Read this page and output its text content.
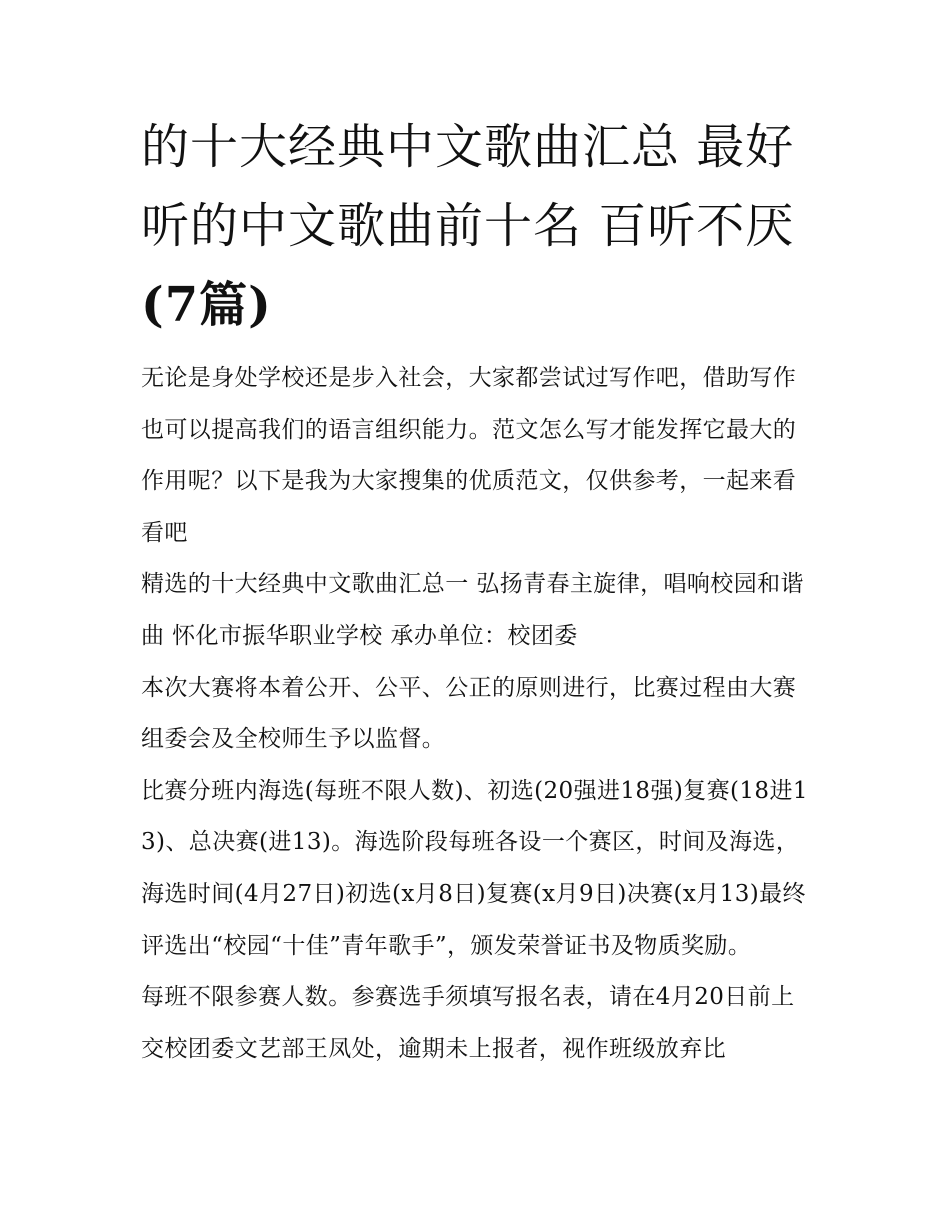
的十大经典中文歌曲汇总 最好听的中文歌曲前十名 百听不厌(7篇)

无论是身处学校还是步入社会，大家都尝试过写作吧，借助写作也可以提高我们的语言组织能力。范文怎么写才能发挥它最大的作用呢？以下是我为大家搜集的优质范文，仅供参考，一起来看看吧

精选的十大经典中文歌曲汇总一 弘扬青春主旋律，唱响校园和谐曲 怀化市振华职业学校 承办单位：校团委

本次大赛将本着公开、公平、公正的原则进行，比赛过程由大赛组委会及全校师生予以监督。

比赛分班内海选(每班不限人数)、初选(20强进18强)复赛(18进13)、总决赛(进13)。海选阶段每班各设一个赛区，时间及海选，海选时间(4月27日)初选(x月8日)复赛(x月9日)决赛(x月13)最终评选出“校园“十佳”青年歌手”，颁发荣誉证书及物质奖励。

每班不限参赛人数。参赛选手须填写报名表，请在4月20日前上交校团委文艺部王凤处，逾期未上报者，视作班级放弃比
